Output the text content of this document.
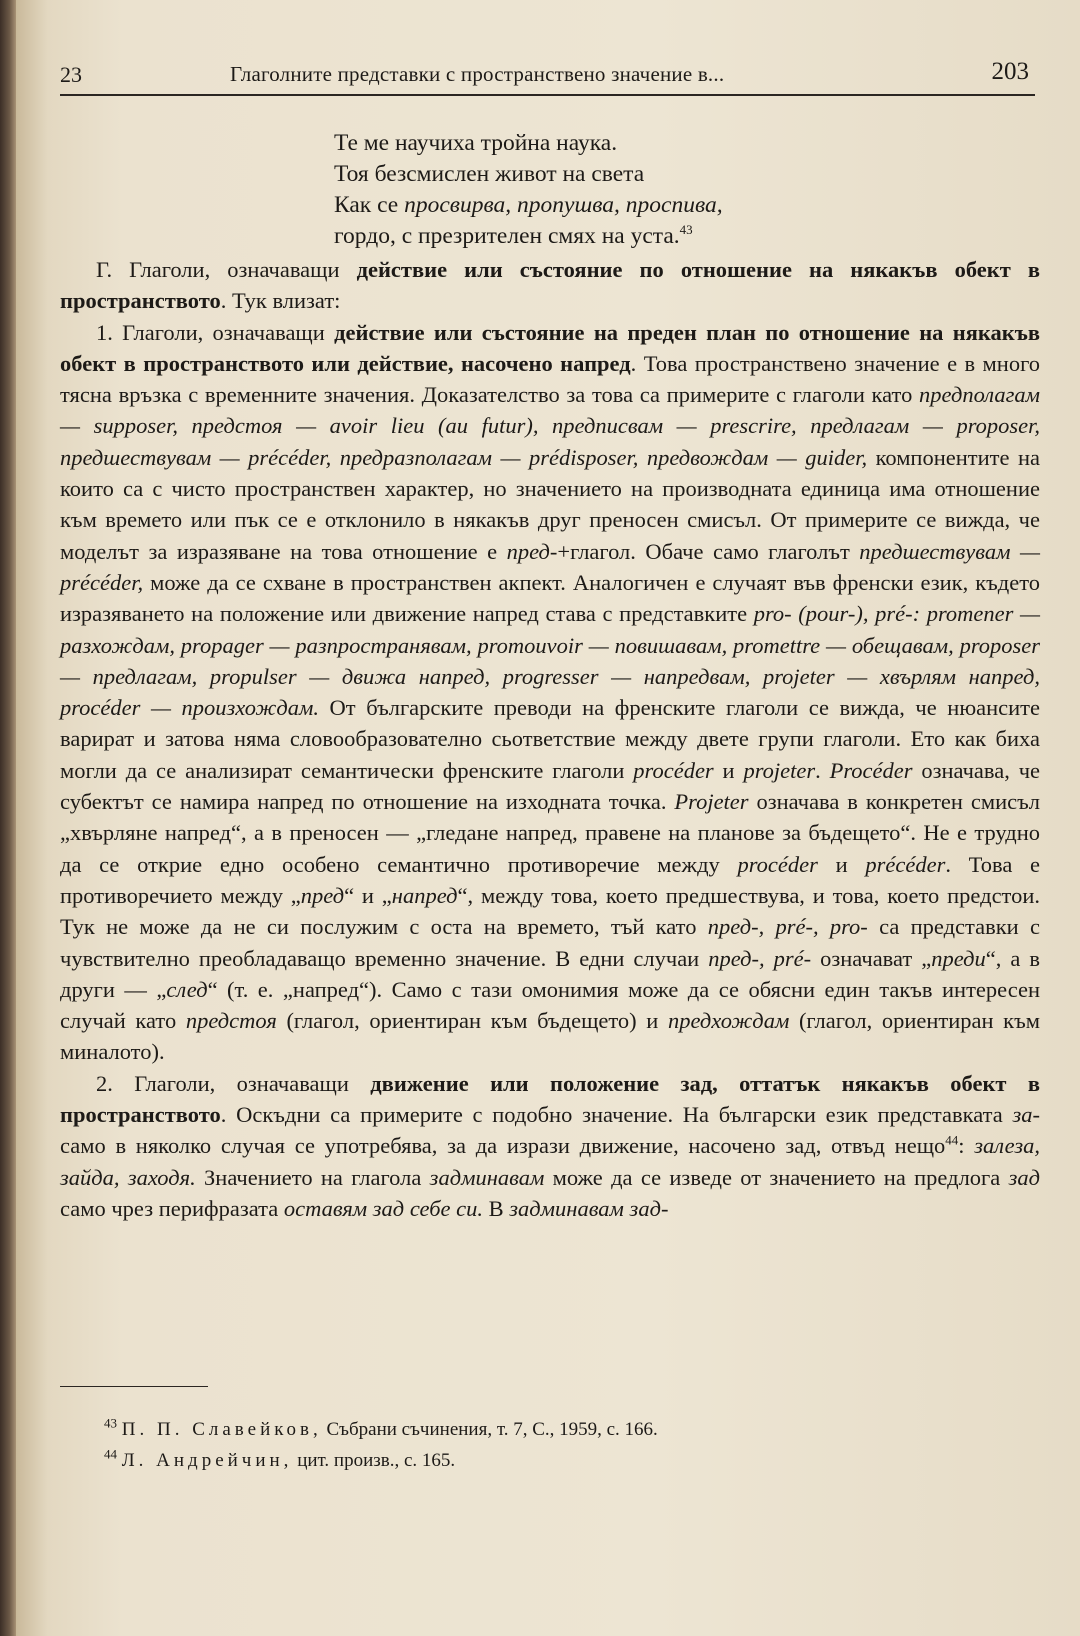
23	Глаголните представки с пространствено значение в...	203
Те ме научиха тройна наука.
Тоя безсмислен живот на света
Как се просвирва, пропушва, проспива,
гордо, с презрителен смях на уста.$^{43}$

Г. Глаголи, означаващи действие или състояние по отношение на някакъв обект в пространството. Тук влизат:

1. Глаголи, означаващи действие или състояние на преден план по отношение на някакъв обект в пространството или действие, насочено напред. Това пространствено значение е в много тясна връзка с временните значения. Доказателство за това са примерите с глаголи като предполагам — supposer, предстоя — avoir lieu (au futur), предписвам — prescrire, предлагам — proposer, предшествувам — précéder, предразполагам — prédisposer, предвождам — guider, компонентите на които са с чисто пространствен характер, но значението на производната единица има отношение към времето или пък се е отклонило в някакъв друг преносен смисъл. От примерите се вижда, че моделът за изразяване на това отношение е пред-+глагол. Обаче само глаголът предшествувам — précéder, може да се схване в пространствен акпект. Аналогичен е случаят във френски език, където изразяването на положение или движение напред става с представките pro- (pour-), pré-: promener — разхождам, propager — разпространявам, promouvoir — повишавам, promettre — обещавам, proposer — предлагам, propulser — движа напред, progresser — напредвам, projeter — хвърлям напред, procéder — произхождам. От българските преводи на френските глаголи се вижда, че нюансите варират и затова няма словообразователно сьответствие между двете групи глаголи. Ето как биха могли да се анализират семантически френските глаголи procéder и projeter. Procéder означава, че субектът се намира напред по отношение на изходната точка. Projeter означава в конкретен смисъл „хвърляне напред“, а в преносен — „гледане напред, правене на планове за бъдещето“. Не е трудно да се открие едно особено семантично противоречие между procéder и précéder. Това е противоречието между „пред“ и „напред“, между това, което предшествува, и това, което предстои. Тук не може да не си послужим с оста на времето, тъй като пред-, pré-, pro- са представки с чувствително преобладаващо временно значение. В едни случаи пред-, pré- означават „преди“, а в други — „след“ (т. е. „напред“). Само с тази омонимия може да се обясни един такъв интересен случай като предстоя (глагол, ориентиран към бъдещето) и предхождам (глагол, ориентиран към миналото).

2. Глаголи, означаващи движение или положение зад, оттатък някакъв обект в пространството. Оскъдни са примерите с подобно значение. На български език представката за- само в няколко случая се употребява, за да изрази движение, насочено зад, отвъд нещо$^{44}$: залеза, зайда, заходя. Значението на глагола задминавам може да се изведе от значението на предлога зад само чрез перифразата оставям зад себе си. В задминавам зад-

$^{43}$ П. П. Славейков, Събрани съчинения, т. 7, С., 1959, с. 166.
$^{44}$ Л. Андрейчин, цит. произв., с. 165.
